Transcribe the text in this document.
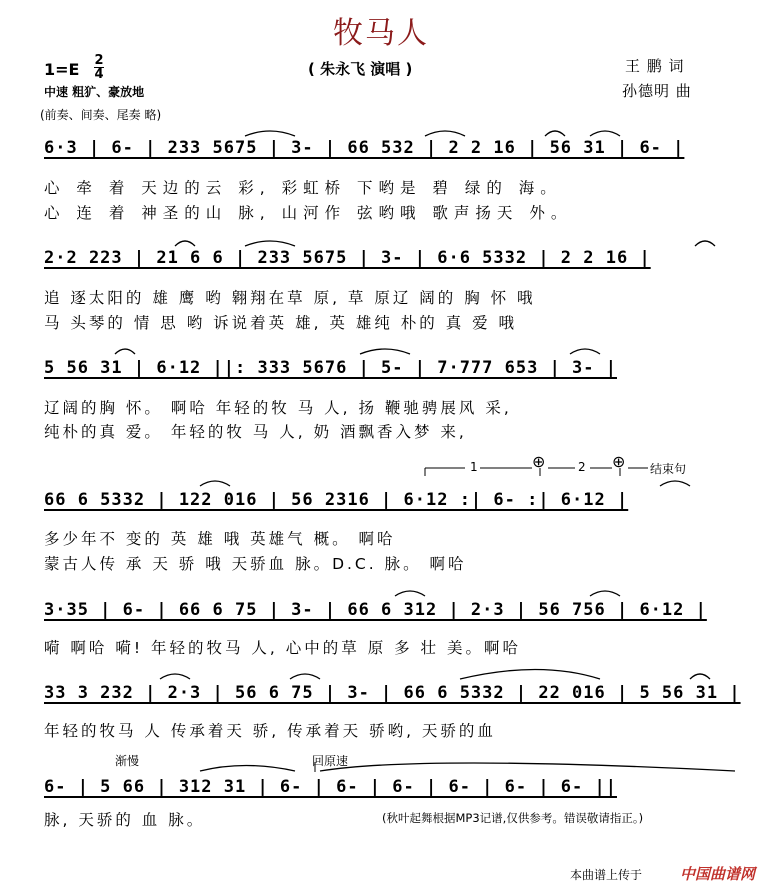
牧马人
( 朱永飞 演唱 )
1=E 2
4	王 鹏 词
孙德明 曲
中速 粗犷、豪放地
(前奏、间奏、尾奏 略)
6·3 | 6- | 233 5675 | 3- | 66 532 | 2 2 16 | 56 31 | 6- |
心 牵 着 天边的云 彩, 彩虹桥 下哟是 碧 绿的 海。
心 连 着 神圣的山 脉, 山河作 弦哟哦 歌声扬天 外。
2·2 223 | 21 6 6 | 233 5675 | 3- | 6·6 5332 | 2 2 16 |
追 逐太阳的 雄 鹰 哟 翱翔在草 原, 草 原辽 阔的 胸 怀 哦
马 头琴的 情 思 哟 诉说着英 雄, 英 雄纯 朴的 真 爱 哦
5 56 31 | 6·12 ||: 333 5676 | 5- | 7·777 653 | 3- |
辽阔的胸 怀。 啊哈 年轻的牧 马 人, 扬 鞭驰骋展风 采,
纯朴的真 爱。 年轻的牧 马 人, 奶 酒飘香入梦 来,
1	2	结束句
⊕	⊕
66 6 5332 | 122 016 | 56 2316 | 6·12 :| 6- :| 6·12 |
多少年不 变的 英 雄 哦 英雄气 概。 啊哈
蒙古人传 承 天 骄 哦 天骄血 脉。D.C. 脉。 啊哈
3·35 | 6- | 66 6 75 | 3- | 66 6 312 | 2·3 | 56 756 | 6·12 |
嗬 啊哈 嗬! 年轻的牧马 人, 心中的草 原 多 壮 美。啊哈
33 3 232 | 2·3 | 56 6 75 | 3- | 66 6 5332 | 22 016 | 5 56 31 |
年轻的牧马 人 传承着天 骄, 传承着天 骄哟, 天骄的血
渐慢	回原速
6- | 5 66 | 312 31 | 6- | 6- | 6- | 6- | 6- | 6- ||
脉, 天骄的 血 脉。	(秋叶起舞根据MP3记谱,仅供参考。错误敬请指正。)
本曲谱上传于	中国曲谱网
